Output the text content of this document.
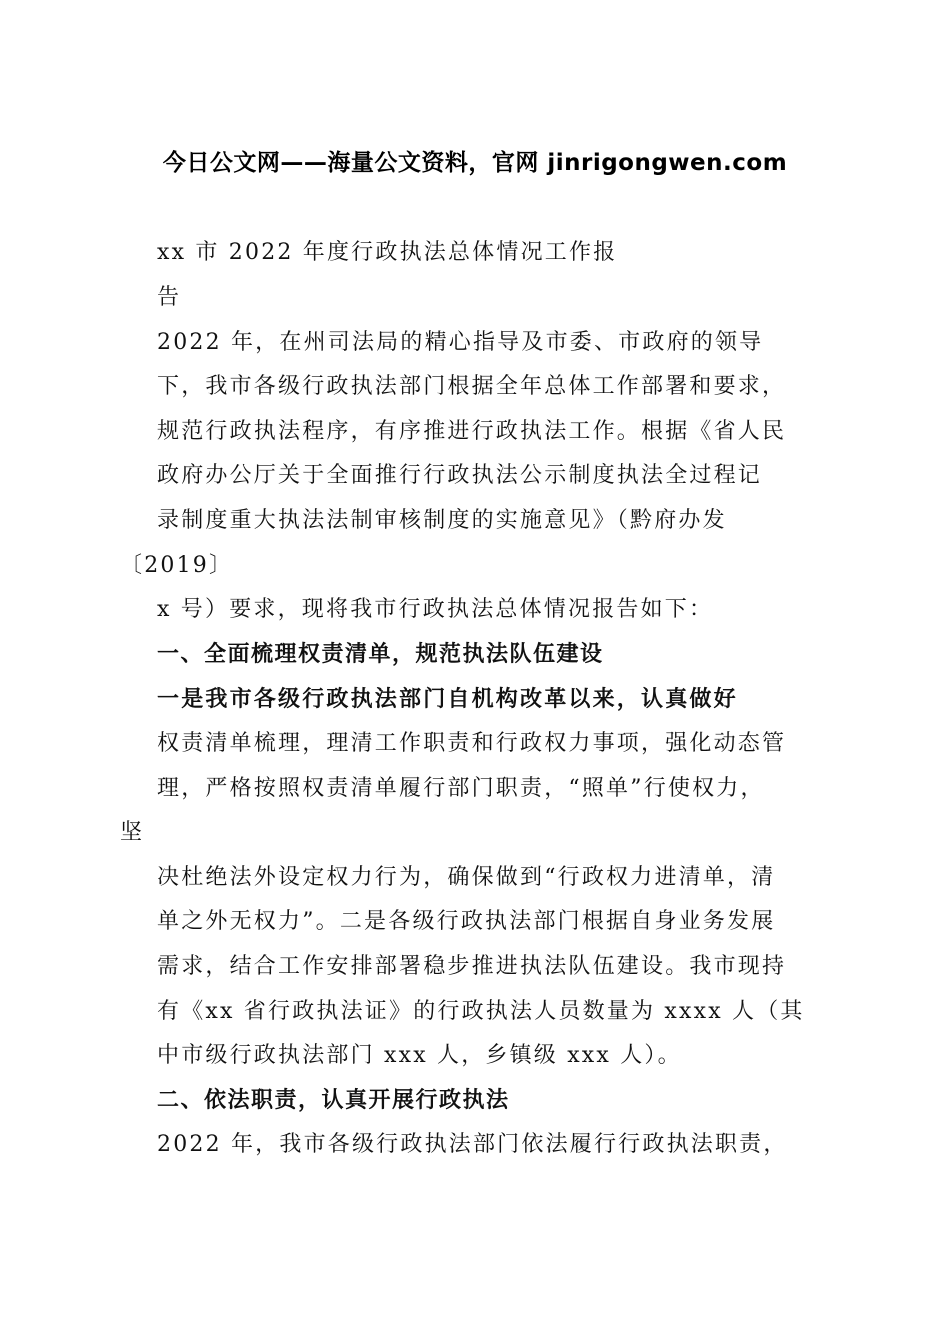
今日公文网——海量公文资料，官网 jinrigongwen.com
xx 市 2022 年度行政执法总体情况工作报
告
2022 年，在州司法局的精心指导及市委、市政府的领导
下，我市各级行政执法部门根据全年总体工作部署和要求，
规范行政执法程序，有序推进行政执法工作。根据《省人民
政府办公厅关于全面推行行政执法公示制度执法全过程记
录制度重大执法法制审核制度的实施意见》（黔府办发
〔2019〕
x 号）要求，现将我市行政执法总体情况报告如下：
一、全面梳理权责清单，规范执法队伍建设
一是我市各级行政执法部门自机构改革以来，认真做好
权责清单梳理，理清工作职责和行政权力事项，强化动态管
理，严格按照权责清单履行部门职责，“照单”行使权力，
坚
决杜绝法外设定权力行为，确保做到“行政权力进清单，清
单之外无权力”。二是各级行政执法部门根据自身业务发展
需求，结合工作安排部署稳步推进执法队伍建设。我市现持
有《xx 省行政执法证》的行政执法人员数量为 xxxx 人（其
中市级行政执法部门 xxx 人，乡镇级 xxx 人）。
二、依法职责，认真开展行政执法
2022 年，我市各级行政执法部门依法履行行政执法职责，
